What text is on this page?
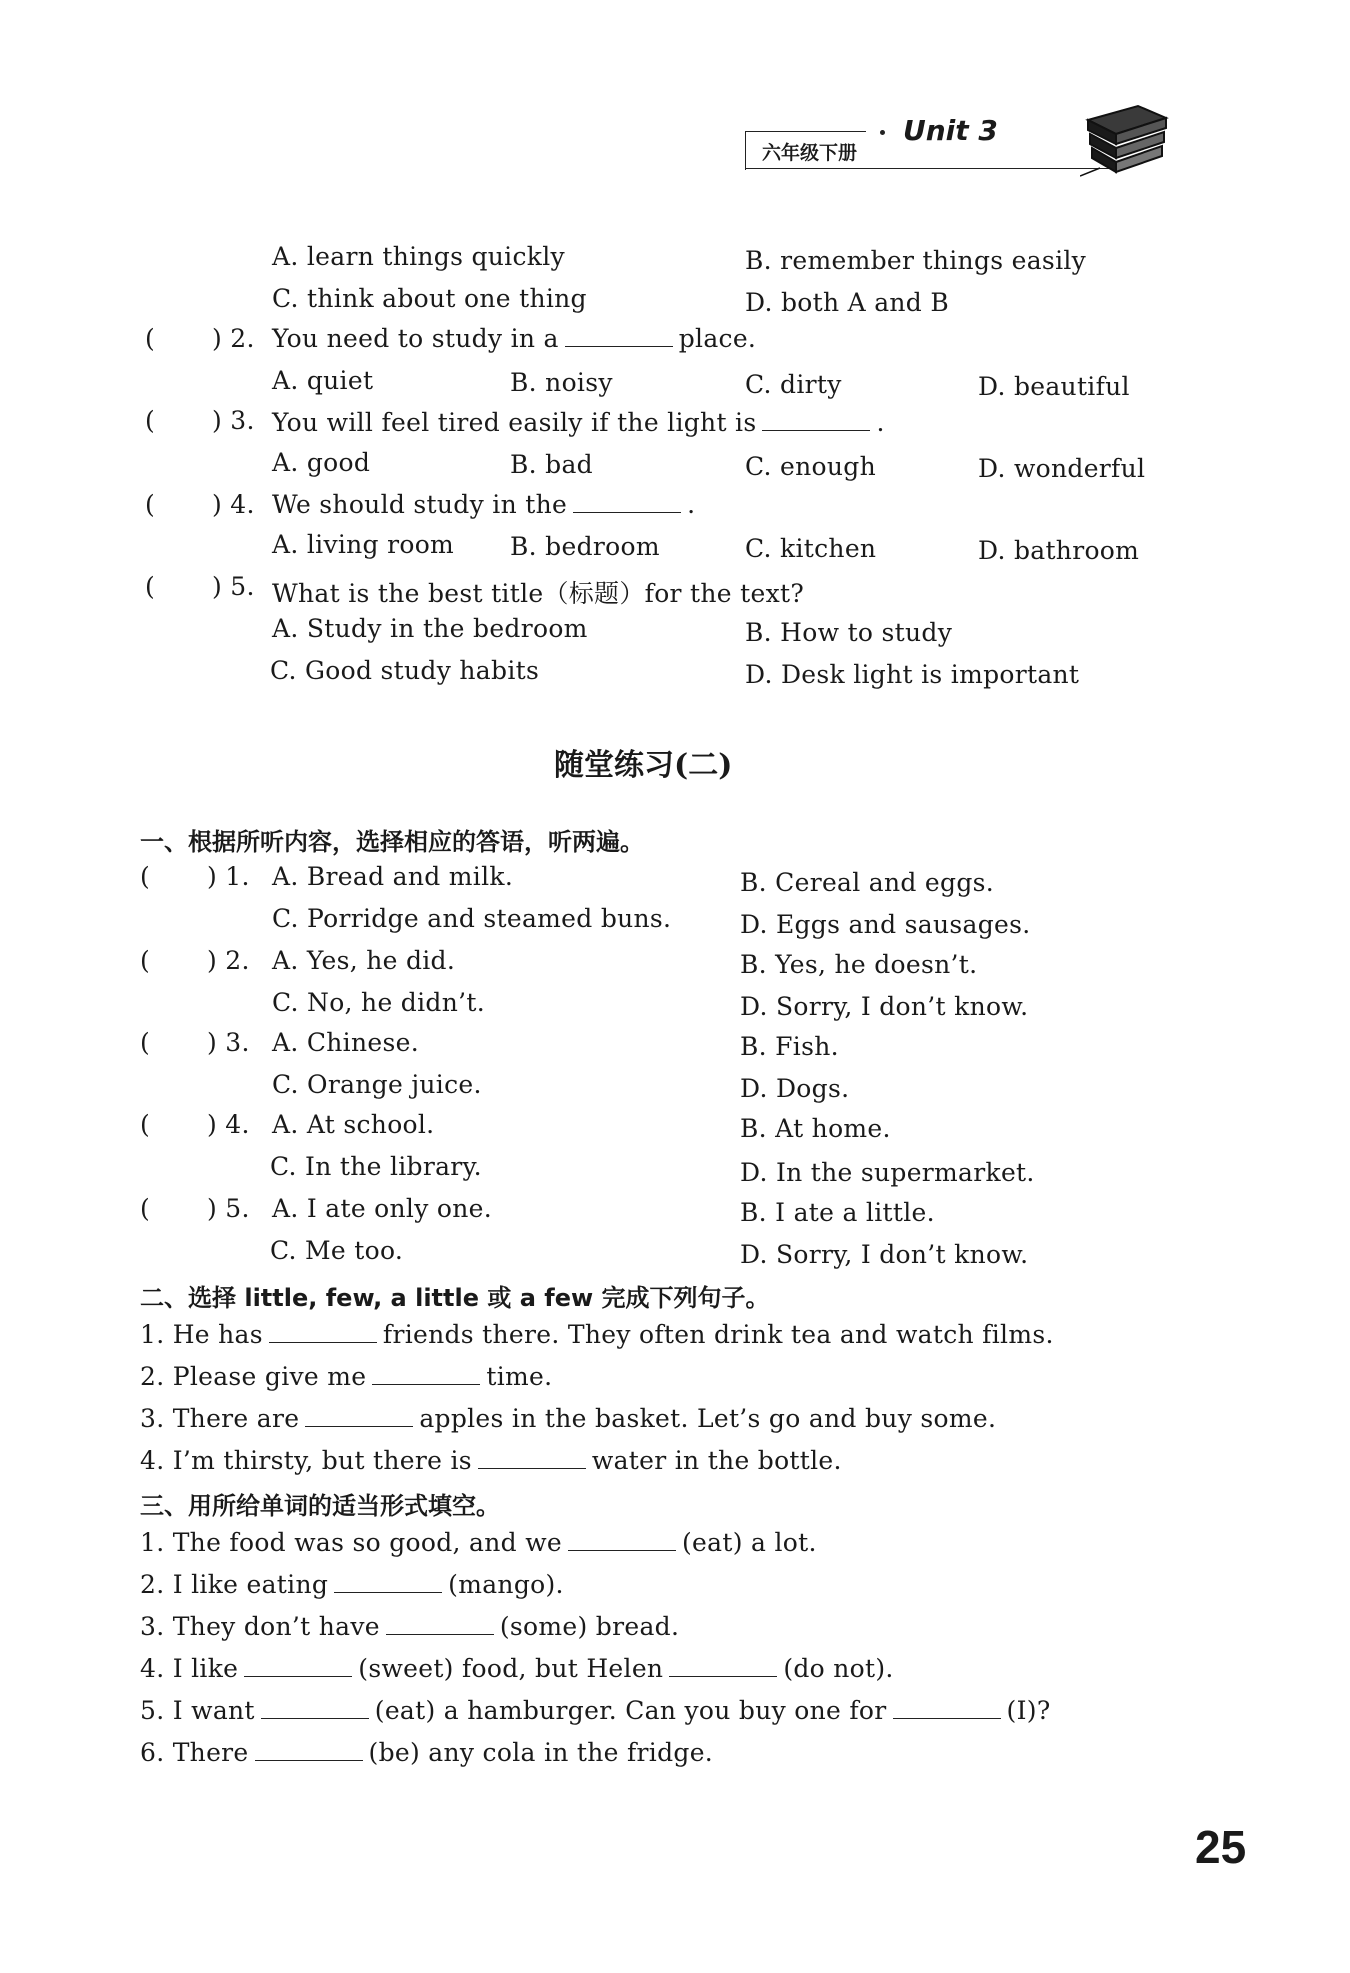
六年级下册
Unit 3
A. learn things quickly	B. remember things easily
C. think about one thing	D. both A and B
( ) 2. You need to study in a	place.
A. quiet	B. noisy	C. dirty	D. beautiful
( ) 3. You will feel tired easily if the light is	.
A. good	B. bad	C. enough	D. wonderful
( ) 4. We should study in the	.
A. living room B. bedroom	C. kitchen	D. bathroom
( ) 5. What is the best title（标题）for the text?
A. Study in the bedroom	B. How to study
C. Good study habits	D. Desk light is important
随堂练习(二)
一、根据所听内容，选择相应的答语，听两遍。
( ) 1. A. Bread and milk.	B. Cereal and eggs.
C. Porridge and steamed buns.	D. Eggs and sausages.
( ) 2. A. Yes, he did.	B. Yes, he doesn’t.
C. No, he didn’t.	D. Sorry, I don’t know.
( ) 3. A. Chinese.	B. Fish.
C. Orange juice.	D. Dogs.
( ) 4. A. At school.	B. At home.
C. In the library.	D. In the supermarket.
( ) 5. A. I ate only one.	B. I ate a little.
C. Me too.	D. Sorry, I don’t know.
二、选择 little, few, a little 或 a few 完成下列句子。
1. He has	friends there. They often drink tea and watch films.
2. Please give me	time.
3. There are	apples in the basket. Let’s go and buy some.
4. I’m thirsty, but there is	water in the bottle.
三、用所给单词的适当形式填空。
1. The food was so good, and we	(eat) a lot.
2. I like eating	(mango).
3. They don’t have	(some) bread.
4. I like	(sweet) food, but Helen	(do not).
5. I want	(eat) a hamburger. Can you buy one for	(I)?
6. There	(be) any cola in the fridge.
25
